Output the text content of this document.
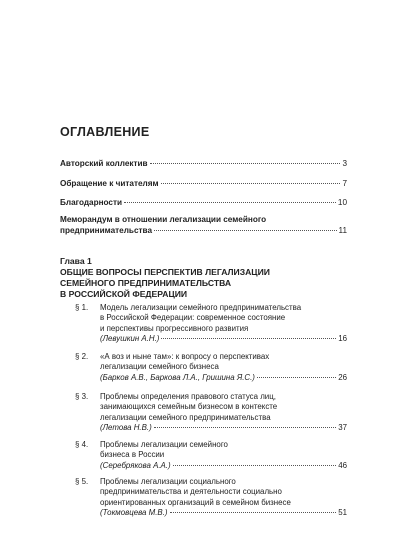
ОГЛАВЛЕНИЕ
Авторский коллектив	3
Обращение к читателям	7
Благодарности	10
Меморандум в отношении легализации семейного
предпринимательства	11
Глава 1
ОБЩИЕ ВОПРОСЫ ПЕРСПЕКТИВ ЛЕГАЛИЗАЦИИ
СЕМЕЙНОГО ПРЕДПРИНИМАТЕЛЬСТВА
В РОССИЙСКОЙ ФЕДЕРАЦИИ
§ 1. Модель легализации семейного предпринимательства
в Российской Федерации: современное состояние
и перспективы прогрессивного развития
(Левушкин А.Н.)	16
§ 2. «А воз и ныне там»: к вопросу о перспективах
легализации семейного бизнеса
(Барков А.В., Баркова Л.А., Гришина Я.С.)	26
§ 3. Проблемы определения правового статуса лиц,
занимающихся семейным бизнесом в контексте
легализации семейного предпринимательства
(Летова Н.В.)	37
§ 4. Проблемы легализации семейного
бизнеса в России
(Серебрякова А.А.)	46
§ 5. Проблемы легализации социального
предпринимательства и деятельности социально
ориентированных организаций в семейном бизнесе
(Токмовцева М.В.)	51
